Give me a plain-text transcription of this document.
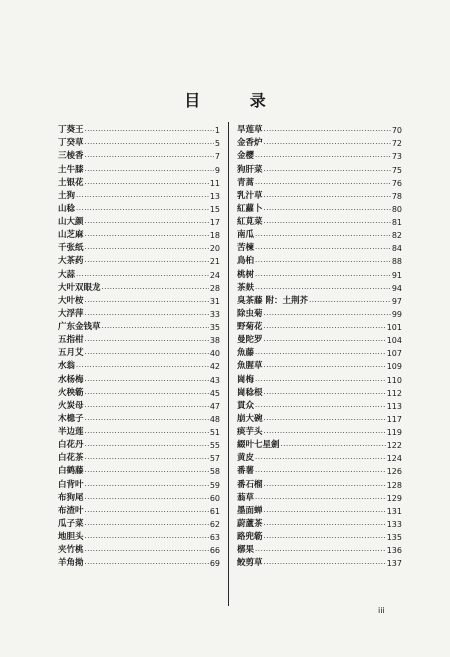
目 录
丁葵王 ·····	1
丁癸草 ·····	5
三棱香 ·····	7
土牛膝 ·····	9
土银花 ·····	11
土狗 ·····	13
山稔 ·····	15
山大颜 ·····	17
山芝麻 ·····	18
千张纸 ·····	20
大茶药 ·····	21
大蒜 ·····	24
大叶双眼龙 ·····	28
大叶桉 ·····	31
大浮萍 ·····	33
广东金钱草 ·····	35
五指柑 ·····	38
五月艾 ·····	40
水翁 ·····	42
水杨梅 ·····	43
火秧簕 ·····	45
火炭母 ·····	47
木槵子 ·····	48
半边莲 ·····	51
白花丹 ·····	55
白花茶 ·····	57
白鹤藤 ·····	58
白背叶 ·····	59
布狗尾 ·····	60
布渣叶 ·····	61
瓜子菜 ·····	62
地胆头 ·····	63
夹竹桃 ·····	66
羊角拗 ·····	69
旱莲草 ·····	70
金香炉 ·····	72
金樱 ·····	73
狗肝菜 ·····	75
青蒿 ·····	76
乳汁草 ·····	78
紅蘿卜 ·····	80
紅莧菜 ·····	81
南瓜 ·····	82
苦楝 ·····	84
鳥桕 ·····	88
桃树 ·····	91
茶麸 ·····	94
臭茶藤 附：土荆芥 ·····	97
除虫菊 ·····	99
野菊花 ·····	101
曼陀罗 ·····	104
魚藤 ·····	107
魚腥草 ·····	109
崗梅 ·····	110
崗稔根 ·····	112
貫众 ·····	113
崩大碗 ·····	117
痰芋头 ·····	119
綴叶七星劍 ·····	122
黄皮 ·····	124
番薯 ·····	126
番石榴 ·····	128
蓊草 ·····	129
墨面蝉 ·····	131
蔚蘆茶 ·····	133
路兜簕 ·····	135
槨果 ·····	136
鲛剪草 ·····	137
iii
